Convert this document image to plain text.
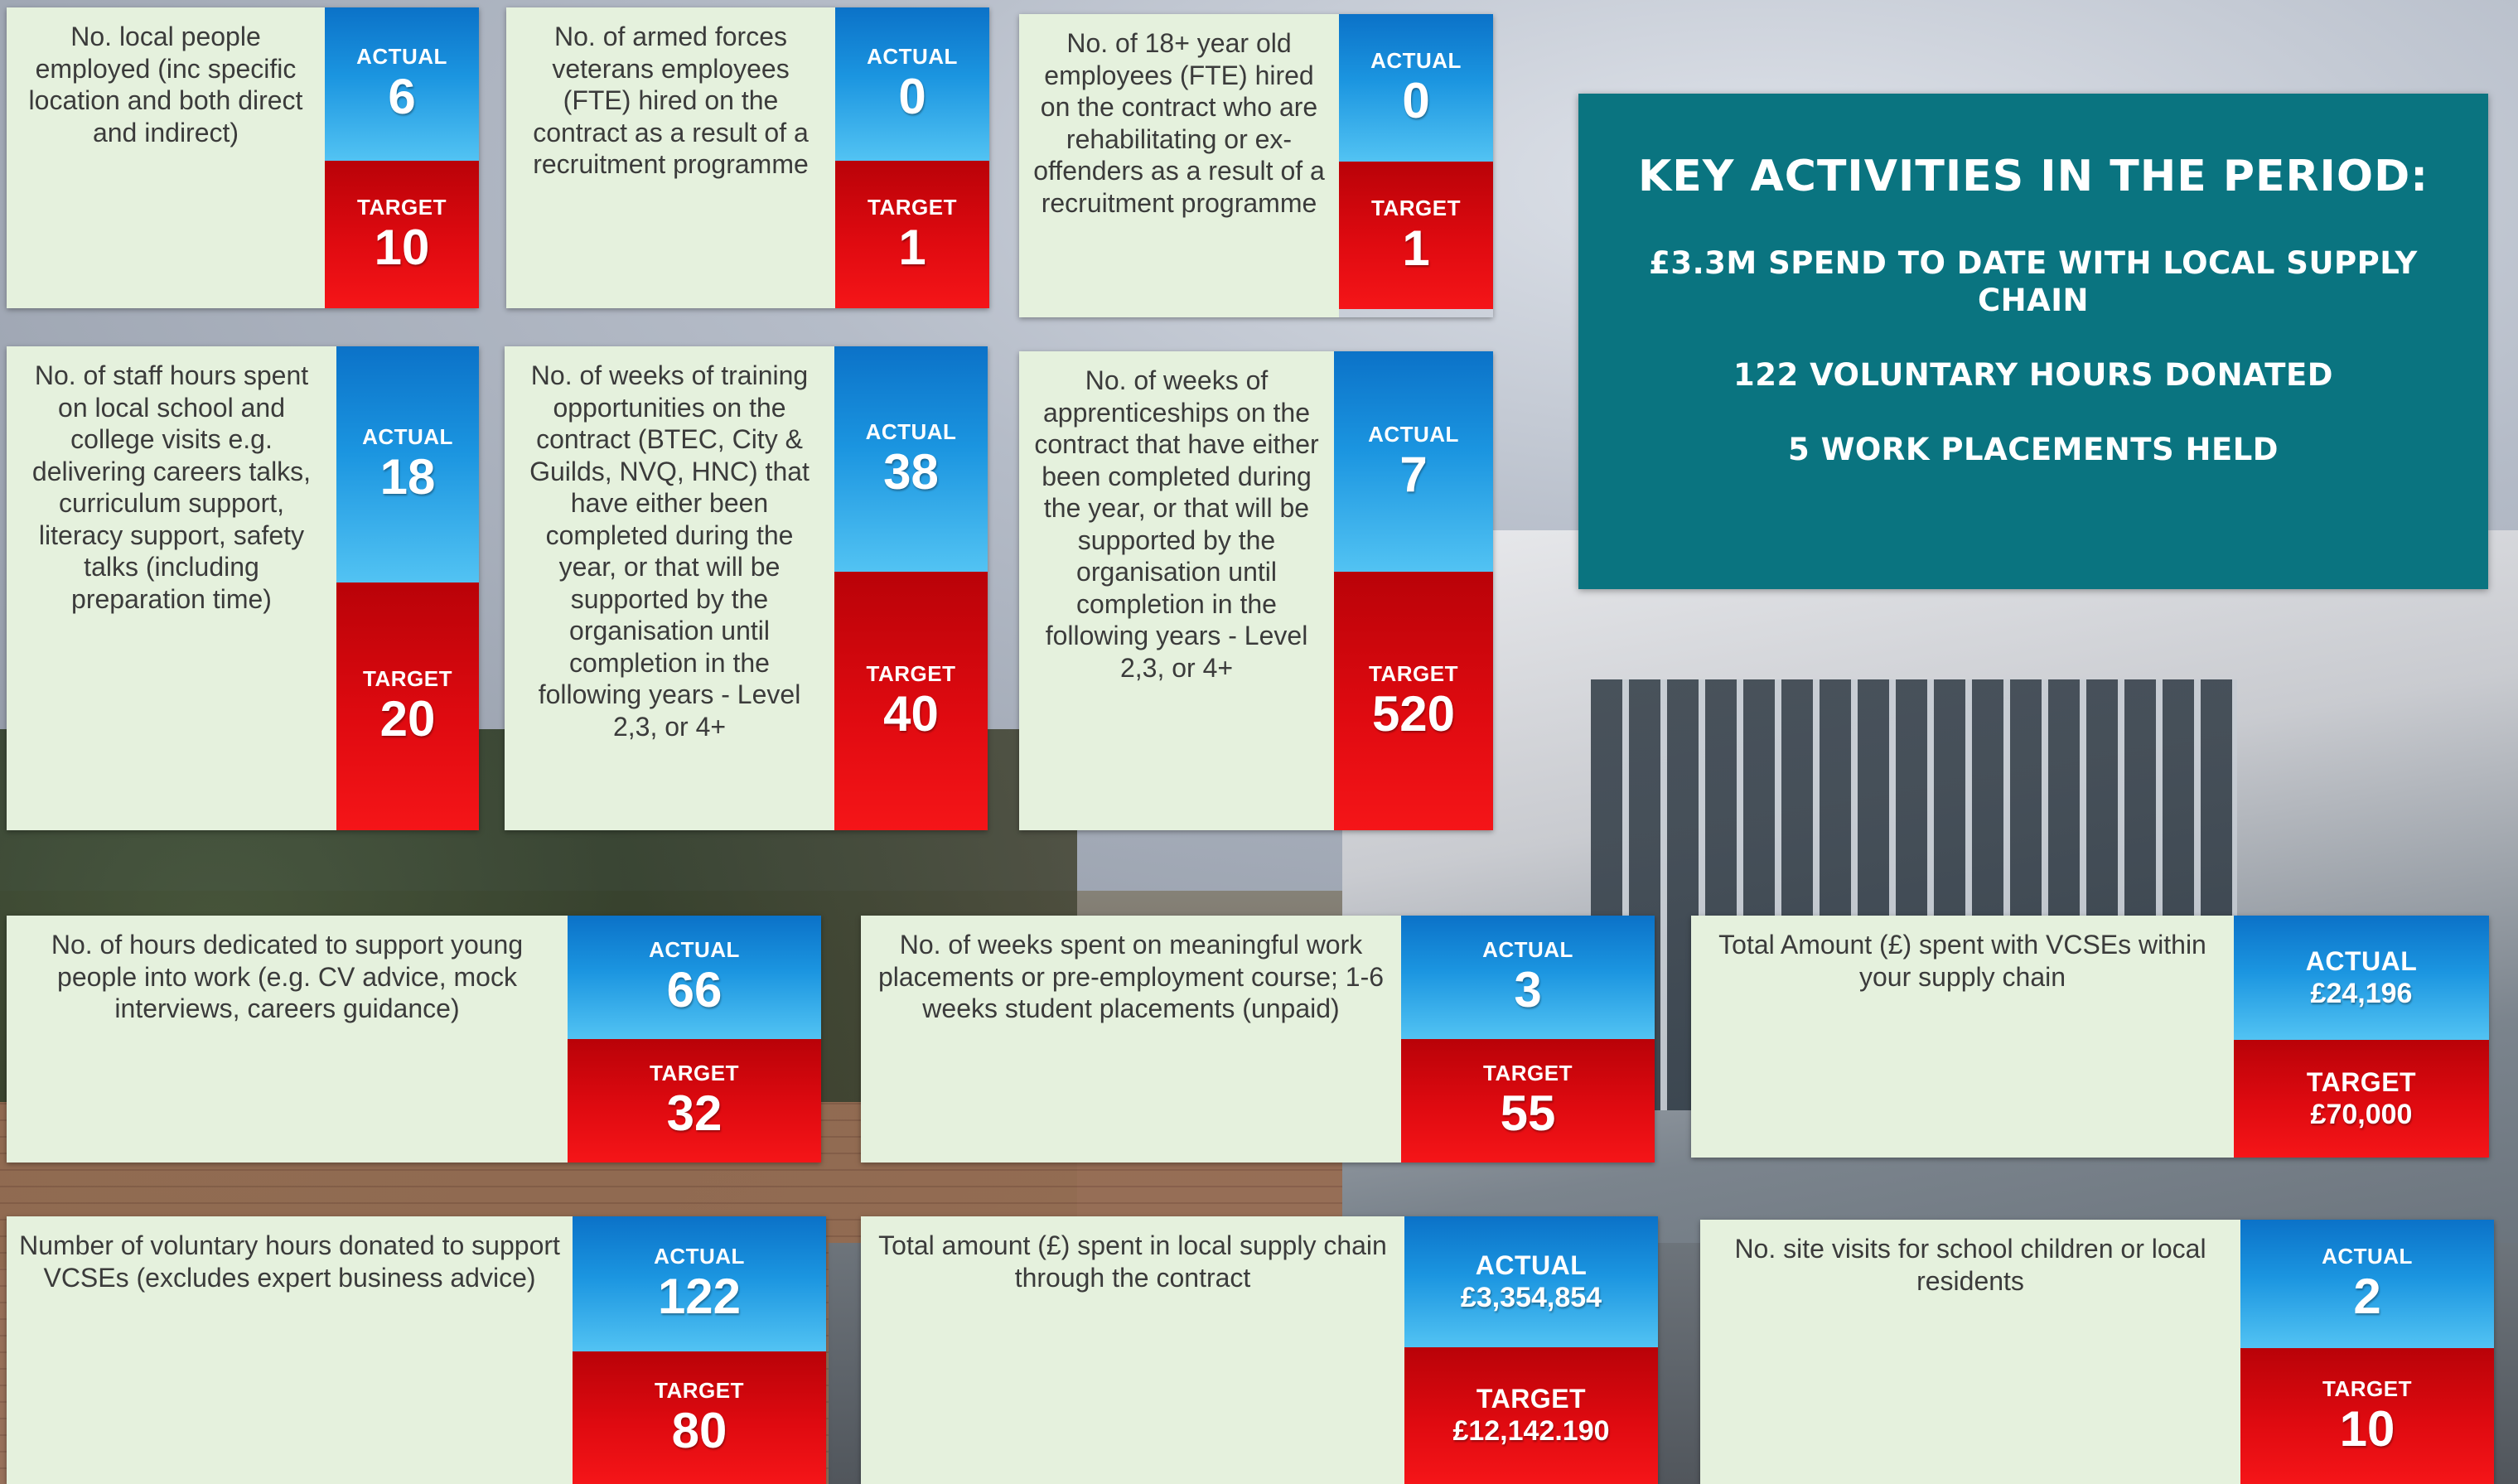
No. local people employed (inc specific location and both direct and indirect)
ACTUAL
6
TARGET
10
No. of armed forces veterans employees (FTE) hired on the contract as a result of a recruitment programme
ACTUAL
0
TARGET
1
No. of 18+ year old employees (FTE) hired on the contract who are rehabilitating or ex-offenders as a result of a recruitment programme
ACTUAL
0
TARGET
1
No. of staff hours spent on local school and college visits e.g. delivering careers talks, curriculum support, literacy support, safety talks (including preparation time)
ACTUAL
18
TARGET
20
No. of weeks of training opportunities on the contract (BTEC, City & Guilds, NVQ, HNC) that have either been completed during the year, or that will be supported by the organisation until completion in the following years - Level 2,3, or 4+
ACTUAL
38
TARGET
40
No. of weeks of apprenticeships on the contract that have either been completed during the year, or that will be supported by the organisation until completion in the following years - Level 2,3, or 4+
ACTUAL
7
TARGET
520
KEY ACTIVITIES IN THE PERIOD:
£3.3M SPEND TO DATE WITH LOCAL SUPPLY CHAIN
122 VOLUNTARY HOURS DONATED
5 WORK PLACEMENTS HELD
No. of hours dedicated to support young people into work (e.g. CV advice, mock interviews, careers guidance)
ACTUAL
66
TARGET
32
No. of weeks spent on meaningful work placements or pre-employment course; 1-6 weeks student placements (unpaid)
ACTUAL
3
TARGET
55
Total Amount (£) spent with VCSEs within your supply chain
ACTUAL
£24,196
TARGET
£70,000
Number of voluntary hours donated to support VCSEs (excludes expert business advice)
ACTUAL
122
TARGET
80
Total amount (£) spent in local supply chain through the contract	ACTUAL
£3,354,854
TARGET
£12,142.190
No. site visits for school children or local residents
ACTUAL
2
TARGET
10
